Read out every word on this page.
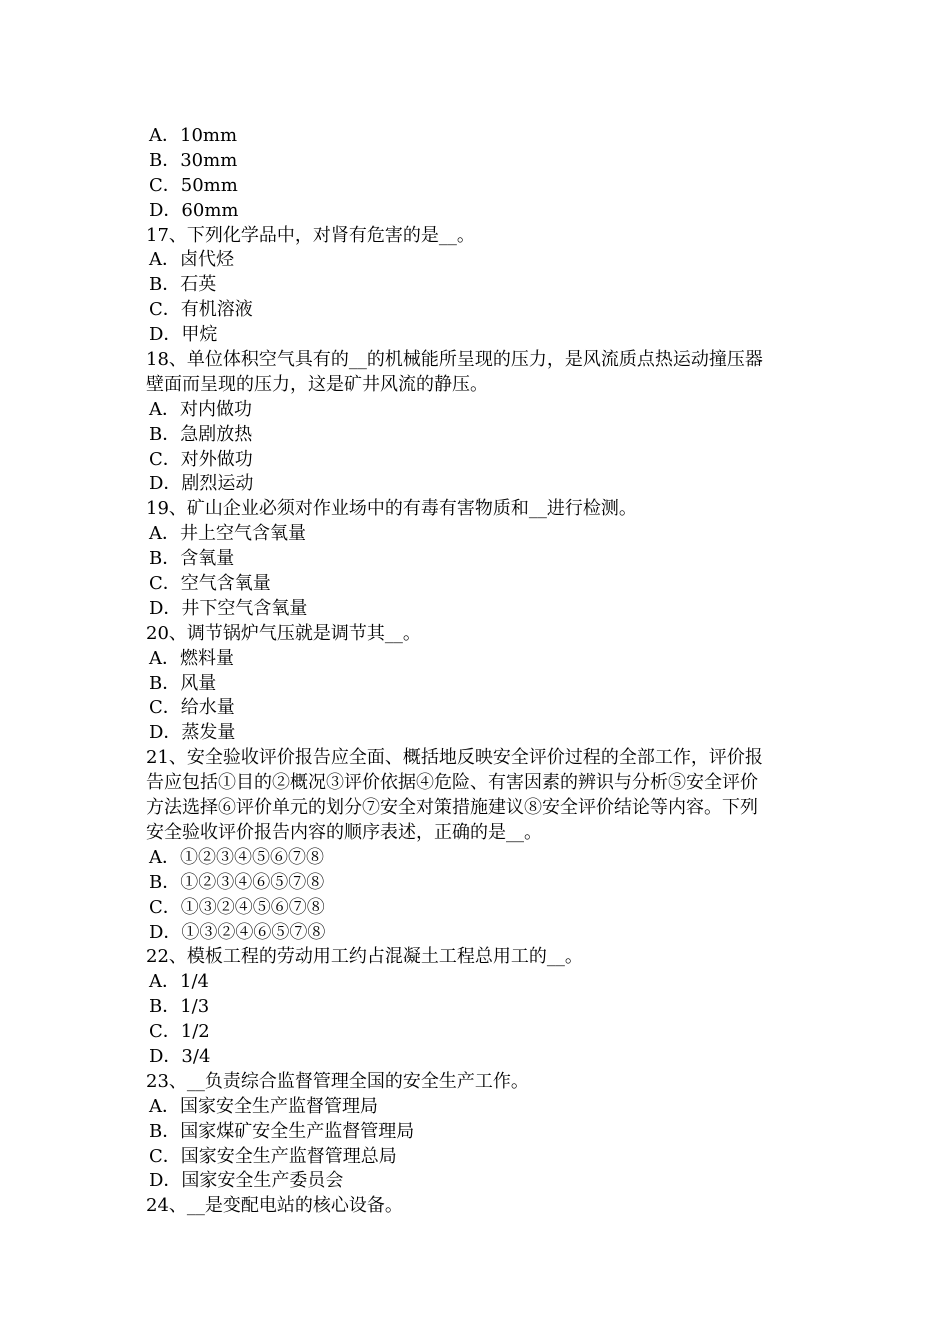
A．10mm
B．30mm
C．50mm
D．60mm
17、下列化学品中，对肾有危害的是__。
A．卤代烃
B．石英
C．有机溶液
D．甲烷
18、单位体积空气具有的__的机械能所呈现的压力，是风流质点热运动撞压器
壁面而呈现的压力，这是矿井风流的静压。
A．对内做功
B．急剧放热
C．对外做功
D．剧烈运动
19、矿山企业必须对作业场中的有毒有害物质和__进行检测。
A．井上空气含氧量
B．含氧量
C．空气含氧量
D．井下空气含氧量
20、调节锅炉气压就是调节其__。
A．燃料量
B．风量
C．给水量
D．蒸发量
21、安全验收评价报告应全面、概括地反映安全评价过程的全部工作，评价报
告应包括①目的②概况③评价依据④危险、有害因素的辨识与分析⑤安全评价
方法选择⑥评价单元的划分⑦安全对策措施建议⑧安全评价结论等内容。下列
安全验收评价报告内容的顺序表述，正确的是__。
A．①②③④⑤⑥⑦⑧
B．①②③④⑥⑤⑦⑧
C．①③②④⑤⑥⑦⑧
D．①③②④⑥⑤⑦⑧
22、模板工程的劳动用工约占混凝土工程总用工的__。
A．1/4
B．1/3
C．1/2
D．3/4
23、__负责综合监督管理全国的安全生产工作。
A．国家安全生产监督管理局
B．国家煤矿安全生产监督管理局
C．国家安全生产监督管理总局
D．国家安全生产委员会
24、__是变配电站的核心设备。
